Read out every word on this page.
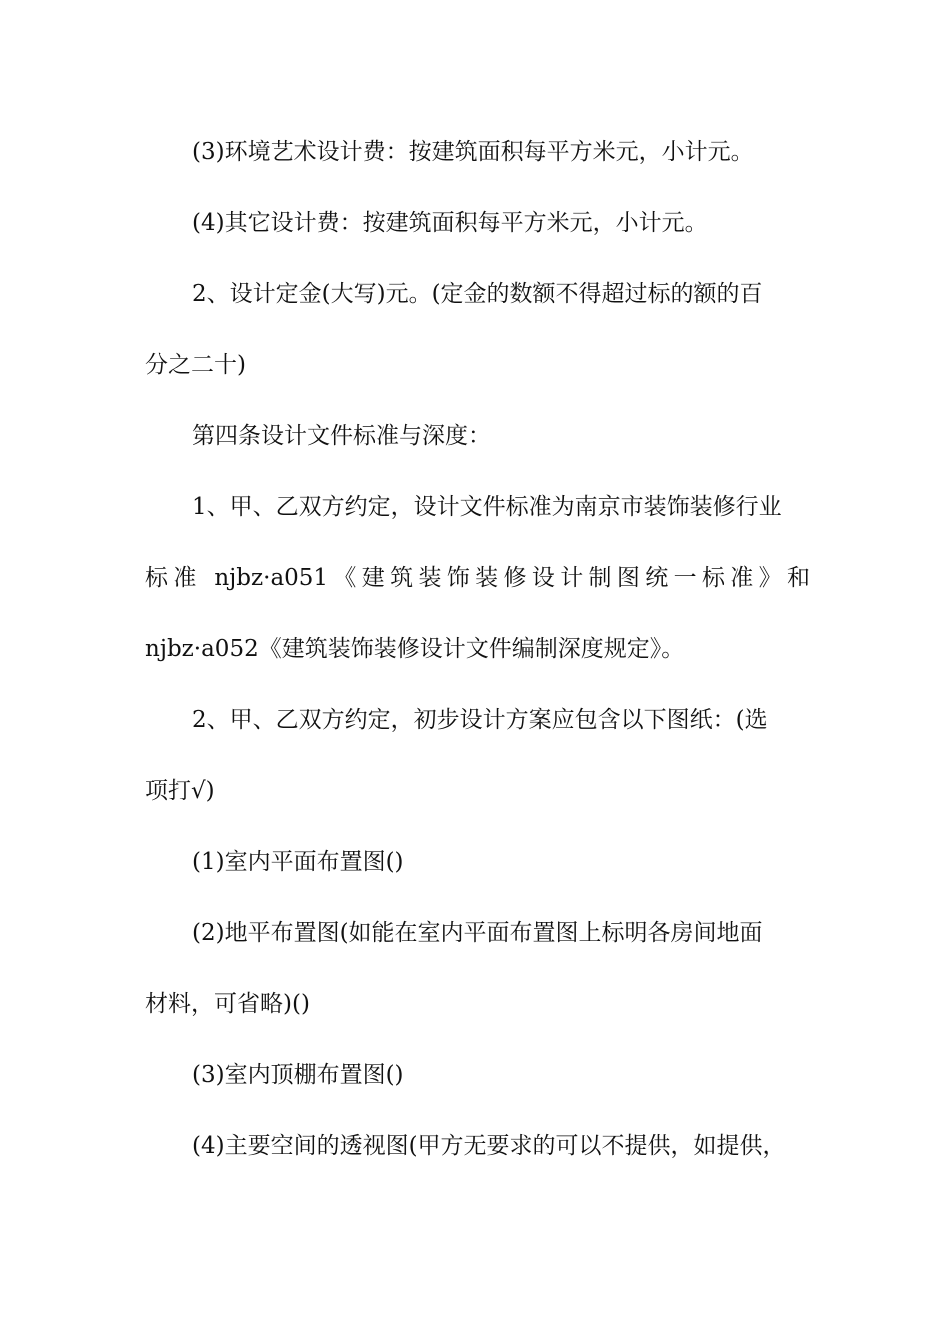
(3)环境艺术设计费：按建筑面积每平方米元，小计元。
(4)其它设计费：按建筑面积每平方米元，小计元。
2、设计定金(大写)元。(定金的数额不得超过标的额的百
分之二十)
第四条设计文件标准与深度：
1、甲、乙双方约定，设计文件标准为南京市装饰装修行业
标准 njbz·a051《建筑装饰装修设计制图统一标准》和
njbz·a052《建筑装饰装修设计文件编制深度规定》。
2、甲、乙双方约定，初步设计方案应包含以下图纸：(选
项打√)
(1)室内平面布置图()
(2)地平布置图(如能在室内平面布置图上标明各房间地面
材料，可省略)()
(3)室内顶棚布置图()
(4)主要空间的透视图(甲方无要求的可以不提供，如提供，
